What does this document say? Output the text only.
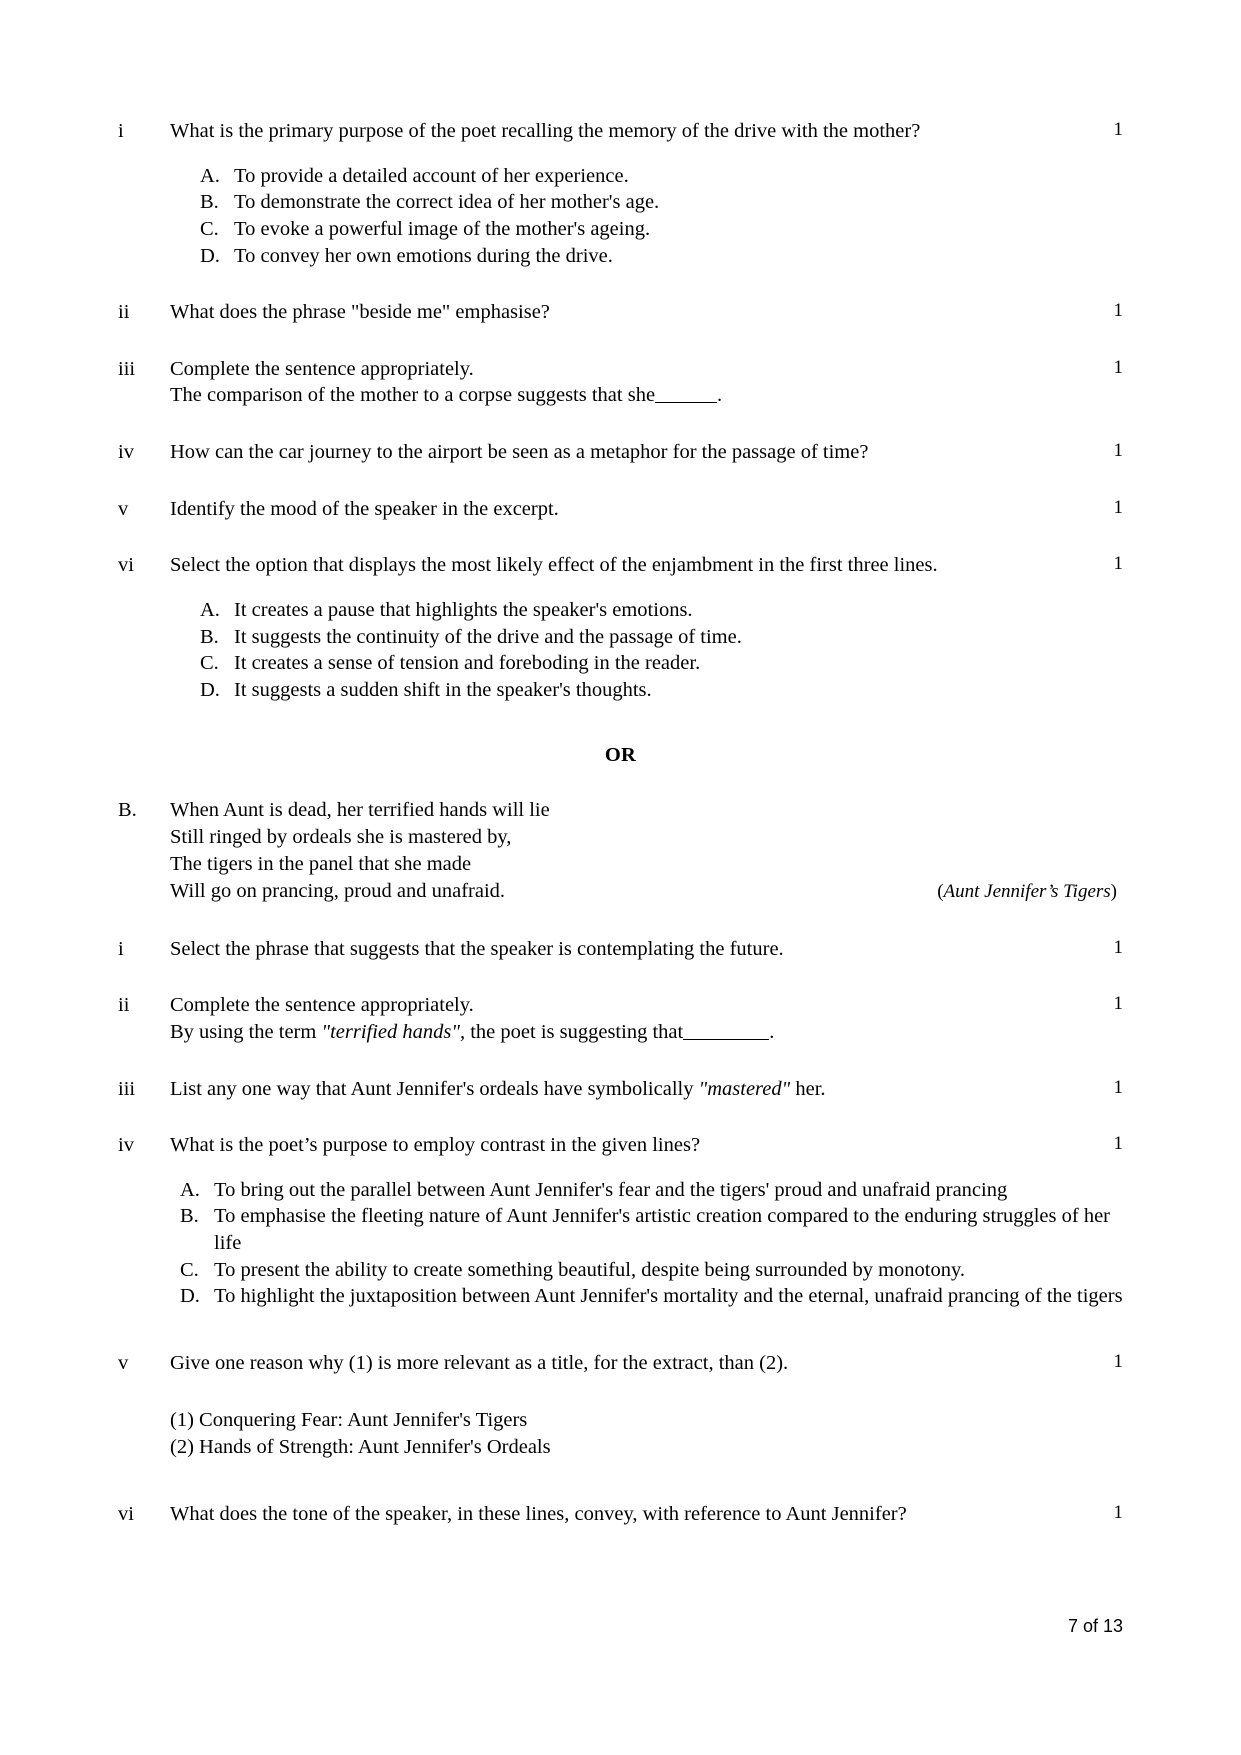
i	What is the primary purpose of the poet recalling the memory of the drive with the mother?	1
A. To provide a detailed account of her experience.
B. To demonstrate the correct idea of her mother's age.
C. To evoke a powerful image of the mother's ageing.
D. To convey her own emotions during the drive.
ii	What does the phrase "beside me" emphasise?	1
iii	Complete the sentence appropriately.
The comparison of the mother to a corpse suggests that she	.
1
iv	How can the car journey to the airport be seen as a metaphor for the passage of time?	1
v	Identify the mood of the speaker in the excerpt.	1
vi	Select the option that displays the most likely effect of the enjambment in the first three lines.	1
A. It creates a pause that highlights the speaker's emotions.
B. It suggests the continuity of the drive and the passage of time.
C. It creates a sense of tension and foreboding in the reader.
D. It suggests a sudden shift in the speaker's thoughts.
OR
B.	When Aunt is dead, her terrified hands will lie
Still ringed by ordeals she is mastered by,
The tigers in the panel that she made
Will go on prancing, proud and unafraid.	(Aunt Jennifer’s Tigers)
i	Select the phrase that suggests that the speaker is contemplating the future.	1
ii	Complete the sentence appropriately.
By using the term "terrified hands", the poet is suggesting that	.
1
iii	List any one way that Aunt Jennifer's ordeals have symbolically "mastered" her.	1
iv	What is the poet’s purpose to employ contrast in the given lines?	1
A. To bring out the parallel between Aunt Jennifer's fear and the tigers' proud and unafraid prancing
B. To emphasise the fleeting nature of Aunt Jennifer's artistic creation compared to the enduring struggles of her life
C. To present the ability to create something beautiful, despite being surrounded by monotony.
D. To highlight the juxtaposition between Aunt Jennifer's mortality and the eternal, unafraid prancing of the tigers
v	Give one reason why (1) is more relevant as a title, for the extract, than (2).	1
(1) Conquering Fear: Aunt Jennifer's Tigers
(2) Hands of Strength: Aunt Jennifer's Ordeals
vi	What does the tone of the speaker, in these lines, convey, with reference to Aunt Jennifer?	1
7 of 13
